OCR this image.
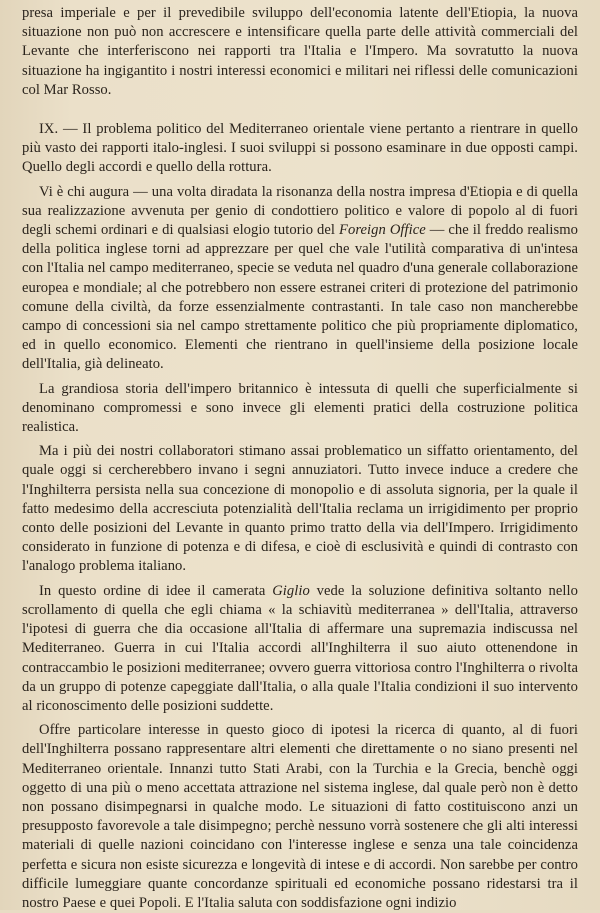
presa imperiale e per il prevedibile sviluppo dell'economia latente dell'Etiopia, la nuova situazione non può non accrescere e intensificare quella parte delle attività commerciali del Levante che interferiscono nei rapporti tra l'Italia e l'Impero. Ma sovratutto la nuova situazione ha ingigantito i nostri interessi economici e militari nei riflessi delle comunicazioni col Mar Rosso.

IX. — Il problema politico del Mediterraneo orientale viene pertanto a rientrare in quello più vasto dei rapporti italo-inglesi. I suoi sviluppi si possono esaminare in due opposti campi. Quello degli accordi e quello della rottura.

Vi è chi augura — una volta diradata la risonanza della nostra impresa d'Etiopia e di quella sua realizzazione avvenuta per genio di condottiero politico e valore di popolo al di fuori degli schemi ordinari e di qualsiasi elogio tutorio del Foreign Office — che il freddo realismo della politica inglese torni ad apprezzare per quel che vale l'utilità comparativa di un'intesa con l'Italia nel campo mediterraneo, specie se veduta nel quadro d'una generale collaborazione europea e mondiale; al che potrebbero non essere estranei criteri di protezione del patrimonio comune della civiltà, da forze essenzialmente contrastanti. In tale caso non mancherebbe campo di concessioni sia nel campo strettamente politico che più propriamente diplomatico, ed in quello economico. Elementi che rientrano in quell'insieme della posizione locale dell'Italia, già delineato.

La grandiosa storia dell'impero britannico è intessuta di quelli che superficialmente si denominano compromessi e sono invece gli elementi pratici della costruzione politica realistica.

Ma i più dei nostri collaboratori stimano assai problematico un siffatto orientamento, del quale oggi si cercherebbero invano i segni annuziatori. Tutto invece induce a credere che l'Inghilterra persista nella sua concezione di monopolio e di assoluta signoria, per la quale il fatto medesimo della accresciuta potenzialità dell'Italia reclama un irrigidimento per proprio conto delle posizioni del Levante in quanto primo tratto della via dell'Impero. Irrigidimento considerato in funzione di potenza e di difesa, e cioè di esclusività e quindi di contrasto con l'analogo problema italiano.

In questo ordine di idee il camerata Giglio vede la soluzione definitiva soltanto nello scrollamento di quella che egli chiama « la schiavitù mediterranea » dell'Italia, attraverso l'ipotesi di guerra che dia occasione all'Italia di affermare una supremazia indiscussa nel Mediterraneo. Guerra in cui l'Italia accordi all'Inghilterra il suo aiuto ottenendone in contraccambio le posizioni mediterranee; ovvero guerra vittoriosa contro l'Inghilterra o rivolta da un gruppo di potenze capeggiate dall'Italia, o alla quale l'Italia condizioni il suo intervento al riconoscimento delle posizioni suddette.

Offre particolare interesse in questo gioco di ipotesi la ricerca di quanto, al di fuori dell'Inghilterra possano rappresentare altri elementi che direttamente o no siano presenti nel Mediterraneo orientale. Innanzi tutto Stati Arabi, con la Turchia e la Grecia, benchè oggi oggetto di una più o meno accettata attrazione nel sistema inglese, dal quale però non è detto non possano disimpegnarsi in qualche modo. Le situazioni di fatto costituiscono anzi un presupposto favorevole a tale disimpegno; perchè nessuno vorrà sostenere che gli alti interessi materiali di quelle nazioni coincidano con l'interesse inglese e senza una tale coincidenza perfetta e sicura non esiste sicurezza e longevità di intese e di accordi. Non sarebbe per contro difficile lumeggiare quante concordanze spirituali ed economiche possano ridestarsi tra il nostro Paese e quei Popoli. E l'Italia saluta con soddisfazione ogni indizio
